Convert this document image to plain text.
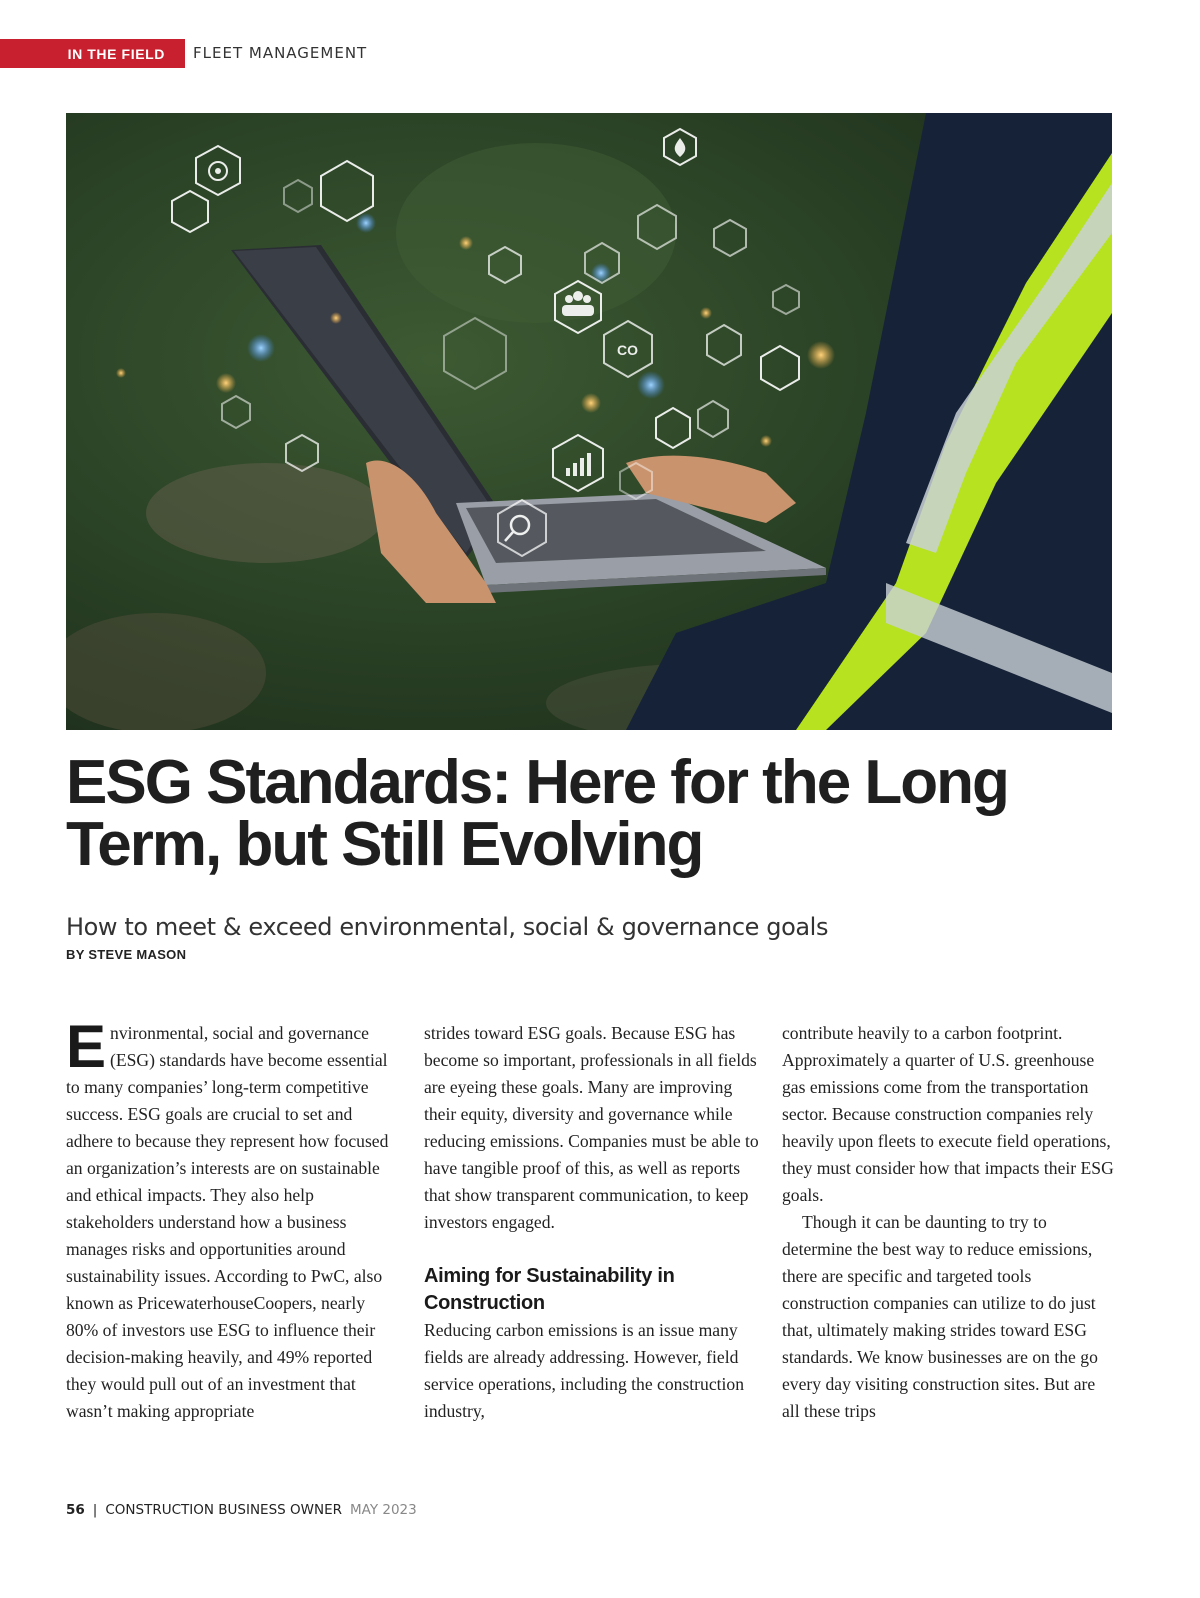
IN THE FIELD	FLEET MANAGEMENT
CO
ESG Standards: Here for the Long
Term, but Still Evolving
How to meet & exceed environmental, social & governance goals
BY STEVE MASON

Environmental, social and governance (ESG) standards have become essential to many companies’ long-term competitive success. ESG goals are crucial to set and adhere to because they represent how focused an organization’s interests are on sustainable and ethical impacts. They also help stakeholders understand how a business manages risks and opportunities around sustainability issues. According to PwC, also known as PricewaterhouseCoopers, nearly 80% of investors use ESG to influence their decision-making heavily, and 49% reported they would pull out of an investment that wasn’t making appropriate

strides toward ESG goals. Because ESG has become so important, professionals in all fields are eyeing these goals. Many are improving their equity, diversity and governance while reducing emissions. Companies must be able to have tangible proof of this, as well as reports that show transparent communication, to keep investors engaged.

Aiming for Sustainability in Construction

Reducing carbon emissions is an issue many fields are already addressing. However, field service operations, including the construction industry,

contribute heavily to a carbon footprint. Approximately a quarter of U.S. greenhouse gas emissions come from the transportation sector. Because construction companies rely heavily upon fleets to execute field operations, they must consider how that impacts their ESG goals.

Though it can be daunting to try to determine the best way to reduce emissions, there are specific and targeted tools construction companies can utilize to do just that, ultimately making strides toward ESG standards. We know businesses are on the go every day visiting construction sites. But are all these trips

56 | CONSTRUCTION BUSINESS OWNER MAY 2023
